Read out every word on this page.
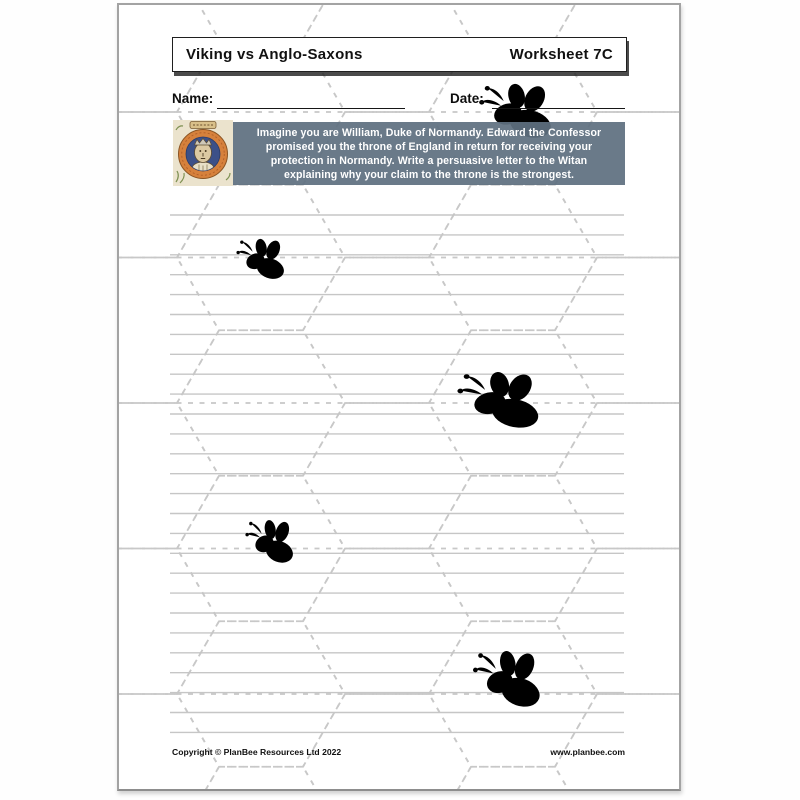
Viking vs Anglo-Saxons	Worksheet 7C
Name:	Date:
Imagine you are William, Duke of Normandy. Edward the Confessor
promised you the throne of England in return for receiving your
protection in Normandy. Write a persuasive letter to the Witan
explaining why your claim to the throne is the strongest.
Copyright © PlanBee Resources Ltd 2022	www.planbee.com
